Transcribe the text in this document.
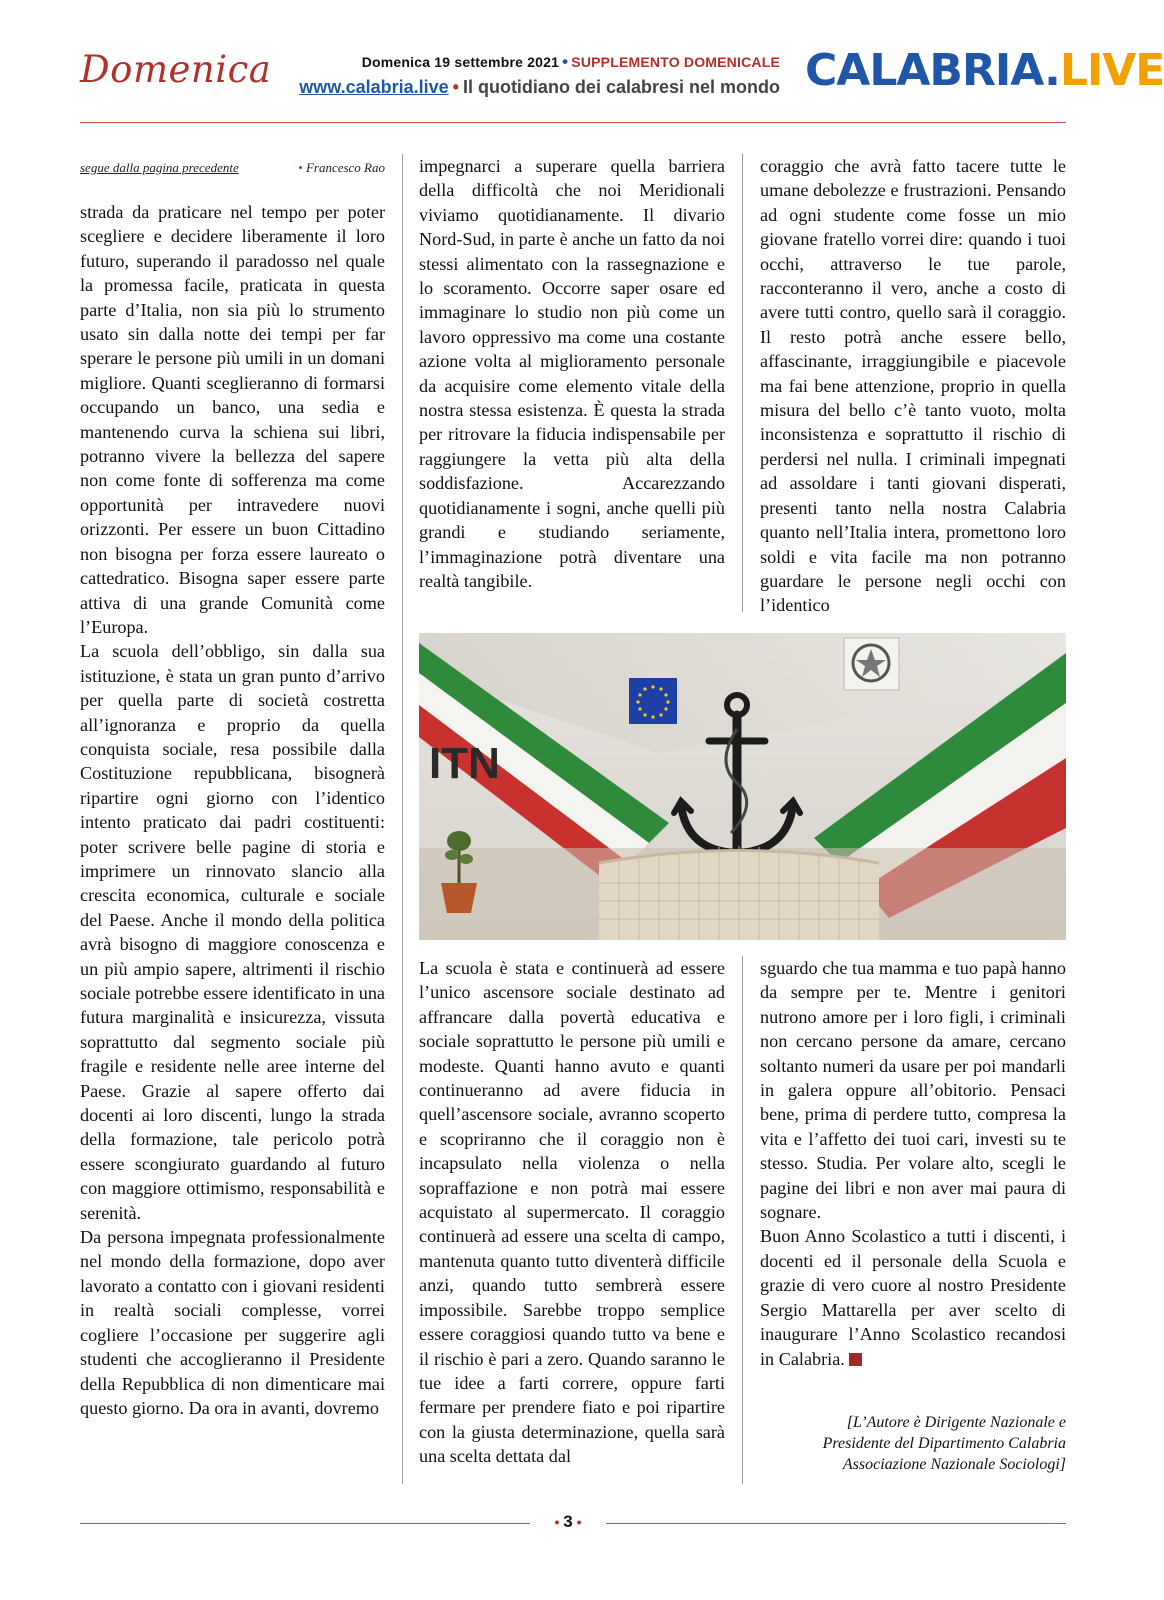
Domenica	Domenica 19 settembre 2021 • SUPPLEMENTO DOMENICALE
www.calabria.live • Il quotidiano dei calabresi nel mondo CALABRIA.LIVE
segue dalla pagina precedente	• Francesco Rao

strada da praticare nel tempo per poter scegliere e decidere liberamente il loro futuro, superando il paradosso nel quale la promessa facile, praticata in questa parte d’Italia, non sia più lo strumento usato sin dalla notte dei tempi per far sperare le persone più umili in un domani migliore. Quanti sceglieranno di formarsi occupando un banco, una sedia e mantenendo curva la schiena sui libri, potranno vivere la bellezza del sapere non come fonte di sofferenza ma come opportunità per intravedere nuovi orizzonti. Per essere un buon Cittadino non bisogna per forza essere laureato o cattedratico. Bisogna saper essere parte attiva di una grande Comunità come l’Europa.

La scuola dell’obbligo, sin dalla sua istituzione, è stata un gran punto d’arrivo per quella parte di società costretta all’ignoranza e proprio da quella conquista sociale, resa possibile dalla Costituzione repubblicana, bisognerà ripartire ogni giorno con l’identico intento praticato dai padri costituenti: poter scrivere belle pagine di storia e imprimere un rinnovato slancio alla crescita economica, culturale e sociale del Paese. Anche il mondo della politica avrà bisogno di maggiore conoscenza e un più ampio sapere, altrimenti il rischio sociale potrebbe essere identificato in una futura marginalità e insicurezza, vissuta soprattutto dal segmento sociale più fragile e residente nelle aree interne del Paese. Grazie al sapere offerto dai docenti ai loro discenti, lungo la strada della formazione, tale pericolo potrà essere scongiurato guardando al futuro con maggiore ottimismo, responsabilità e serenità.

Da persona impegnata professionalmente nel mondo della formazione, dopo aver lavorato a contatto con i giovani residenti in realtà sociali complesse, vorrei cogliere l’occasione per suggerire agli studenti che accoglieranno il Presidente della Repubblica di non dimenticare mai questo giorno. Da ora in avanti, dovremo

impegnarci a superare quella barriera della difficoltà che noi Meridionali viviamo quotidianamente. Il divario Nord-Sud, in parte è anche un fatto da noi stessi alimentato con la rassegnazione e lo scoramento. Occorre saper osare ed immaginare lo studio non più come un lavoro oppressivo ma come una costante azione volta al miglioramento personale da acquisire come elemento vitale della nostra stessa esistenza. È questa la strada per ritrovare la fiducia indispensabile per raggiungere la vetta più alta della soddisfazione. Accarezzando quotidianamente i sogni, anche quelli più grandi e studiando seriamente, l’immaginazione potrà diventare una realtà tangibile.

coraggio che avrà fatto tacere tutte le umane debolezze e frustrazioni. Pensando ad ogni studente come fosse un mio giovane fratello vorrei dire: quando i tuoi occhi, attraverso le tue parole, racconteranno il vero, anche a costo di avere tutti contro, quello sarà il coraggio. Il resto potrà anche essere bello, affascinante, irraggiungibile e piacevole ma fai bene attenzione, proprio in quella misura del bello c’è tanto vuoto, molta inconsistenza e soprattutto il rischio di perdersi nel nulla. I criminali impegnati ad assoldare i tanti giovani disperati, presenti tanto nella nostra Calabria quanto nell’Italia intera, promettono loro soldi e vita facile ma non potranno guardare le persone negli occhi con l’identico

ITN

La scuola è stata e continuerà ad essere l’unico ascensore sociale destinato ad affrancare dalla povertà educativa e sociale soprattutto le persone più umili e modeste. Quanti hanno avuto e quanti continueranno ad avere fiducia in quell’ascensore sociale, avranno scoperto e scopriranno che il coraggio non è incapsulato nella violenza o nella sopraffazione e non potrà mai essere acquistato al supermercato. Il coraggio continuerà ad essere una scelta di campo, mantenuta quanto tutto diventerà difficile anzi, quando tutto sembrerà essere impossibile. Sarebbe troppo semplice essere coraggiosi quando tutto va bene e il rischio è pari a zero. Quando saranno le tue idee a farti correre, oppure farti fermare per prendere fiato e poi ripartire con la giusta determinazione, quella sarà una scelta dettata dal

sguardo che tua mamma e tuo papà hanno da sempre per te. Mentre i genitori nutrono amore per i loro figli, i criminali non cercano persone da amare, cercano soltanto numeri da usare per poi mandarli in galera oppure all’obitorio. Pensaci bene, prima di perdere tutto, compresa la vita e l’affetto dei tuoi cari, investi su te stesso. Studia. Per volare alto, scegli le pagine dei libri e non aver mai paura di sognare.

Buon Anno Scolastico a tutti i discenti, i docenti ed il personale della Scuola e grazie di vero cuore al nostro Presidente Sergio Mattarella per aver scelto di inaugurare l’Anno Scolastico recandosi in Calabria.

[L’Autore è Dirigente Nazionale e
Presidente del Dipartimento Calabria
Associazione Nazionale Sociologi]
• 3 •
